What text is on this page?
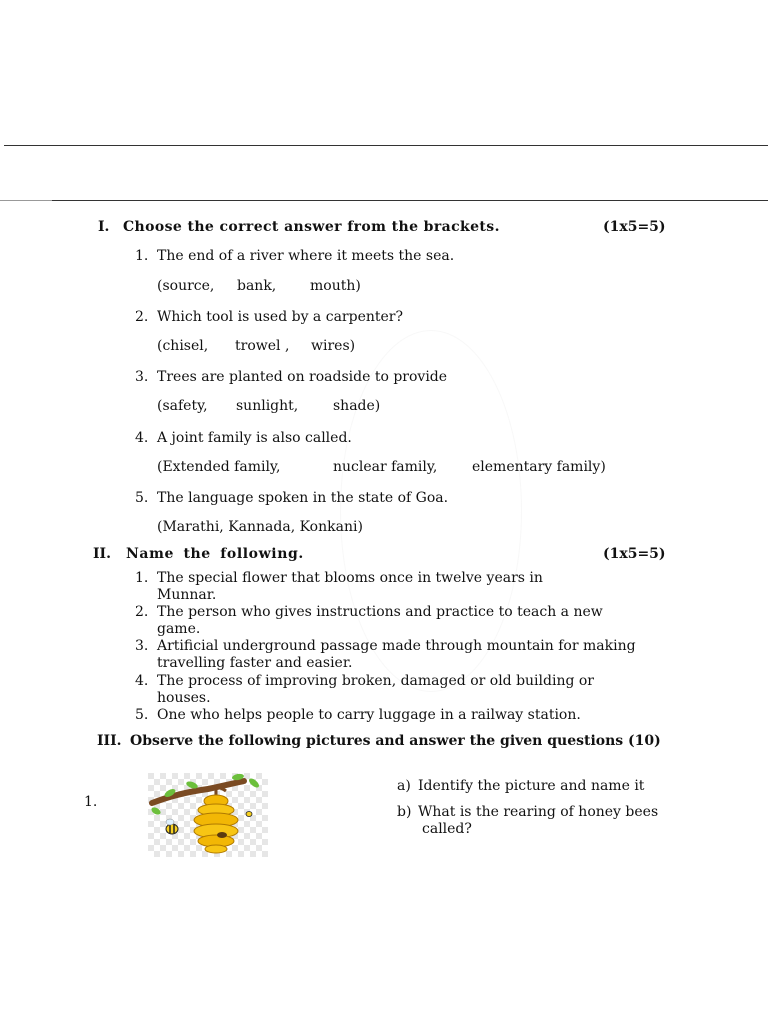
I. Choose the correct answer from the brackets.	(1x5=5)
1. The end of a river where it meets the sea.
(source, bank, mouth)
2. Which tool is used by a carpenter?
(chisel, trowel , wires)
3. Trees are planted on roadside to provide
(safety, sunlight, shade)
4. A joint family is also called.
(Extended family,	nuclear family, elementary family)
5. The language spoken in the state of Goa.
(Marathi, Kannada, Konkani)
II. Name the following.	(1x5=5)
1. The special flower that blooms once in twelve years in
Munnar.
2. The person who gives instructions and practice to teach a new
game.
3. Artificial underground passage made through mountain for making
travelling faster and easier.
4. The process of improving broken, damaged or old building or
houses.
5. One who helps people to carry luggage in a railway station.
III. Observe the following pictures and answer the given questions (10)
1.
a) Identify the picture and name it
b) What is the rearing of honey bees
called?
